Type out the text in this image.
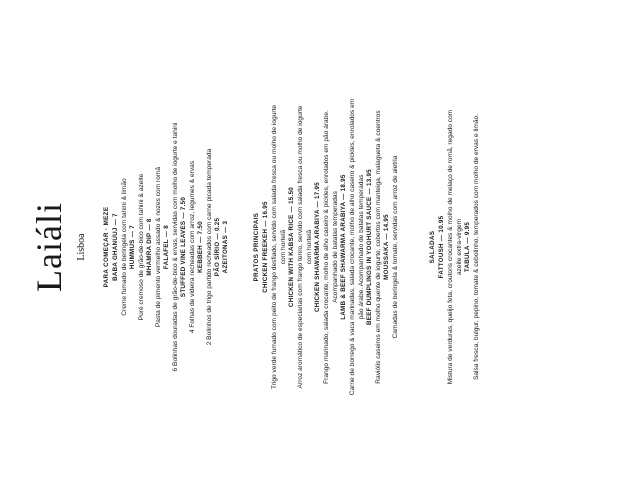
Laiáli Lisboa	PARA COMEÇAR · MEZE BABA GHANUUJ — 7 Creme fumado de beringela com tahini & limão HUMMUS — 7 Puré cremoso de grão-de-bico com tahini & azeite MHAMRA DIP — 8 Pasta de pimento vermelho assado & nozes com romã FALAFEL — 8 6 Bolinhas douradas de grão-de-bico & ervas, servidas com molho de iogurte e tahini STUFFED VINE LEAVES — 7.50 4 Folhas de videira recheadas com arroz, legumes & ervas KEBBEH — 7.50 2 Bolinhos de trigo partido recheados com carne picada temperada PÃO SÍRIO — 0.25 AZEITONAS — 3	PRATOS PRINCIPAIS CHICKEN FREEKEH — 16.95 Trigo verde fumado com peito de frango desfiado, servido com salada fresca ou molho de iogurte com hortelã CHICKEN WITH KABSA RICE — 15.50 Arroz aromático de especiarias com frango tenro, servido com salada fresca ou molho de iogurte com hortelã CHICKEN SHAWARMA ARABIYA — 17.95 Frango marinado, salada crocante, molho de alho caseiro & pickles, enrolados em pão árabe. Acompanhado de batatas temperadas LAMB & BEEF SHAWARMA ARABIYA — 18.95 Carne de borrego & vaca marinadas, salada crocante, molho de alho caseiro & pickles, enrolados em pão árabe. Acompanhado de batatas temperadas BEEF DUMPLINGS IN YOGHURT SAUCE — 13.95 Raviólis caseiros em molho quente de iogurte, cobertos com manteiga, malagueta & coentros MOUSSAKA — 14.95 Camadas de beringela & tomate, servidas com arroz de aletria	SALADAS FATTOUSH — 10.95 Mistura de verduras, queijo feta, croutons crocantes & molho de melaço de romã, regado com azeite extra-virgem TABULA — 9.95 Salsa fresca, bulgur, pepino, tomate & cebolinho, temperados com molho de ervas e limão.
